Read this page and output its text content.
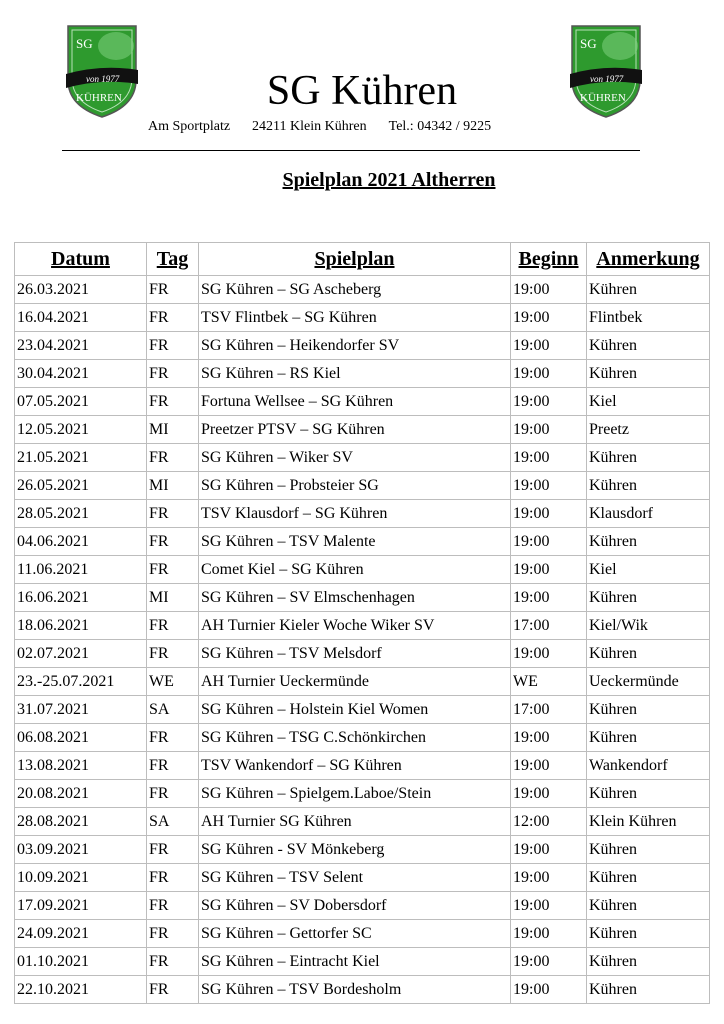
SG
von 1977
KÜHREN
SG
von 1977
KÜHREN
SG Kühren
Am Sportplatz 24211 Klein Kühren Tel.: 04342 / 9225
Spielplan 2021 Altherren
Datum	Tag	Spielplan	Beginn	Anmerkung
26.03.2021	FR	SG Kühren – SG Ascheberg	19:00	Kühren
16.04.2021	FR	TSV Flintbek – SG Kühren	19:00	Flintbek
23.04.2021	FR	SG Kühren – Heikendorfer SV	19:00	Kühren
30.04.2021	FR	SG Kühren – RS Kiel	19:00	Kühren
07.05.2021	FR	Fortuna Wellsee – SG Kühren	19:00	Kiel
12.05.2021	MI	Preetzer PTSV – SG Kühren	19:00	Preetz
21.05.2021	FR	SG Kühren – Wiker SV	19:00	Kühren
26.05.2021	MI	SG Kühren – Probsteier SG	19:00	Kühren
28.05.2021	FR	TSV Klausdorf – SG Kühren	19:00	Klausdorf
04.06.2021	FR	SG Kühren – TSV Malente	19:00	Kühren
11.06.2021	FR	Comet Kiel – SG Kühren	19:00	Kiel
16.06.2021	MI	SG Kühren – SV Elmschenhagen	19:00	Kühren
18.06.2021	FR	AH Turnier Kieler Woche Wiker SV	17:00	Kiel/Wik
02.07.2021	FR	SG Kühren – TSV Melsdorf	19:00	Kühren
23.-25.07.2021	WE	AH Turnier Ueckermünde	WE	Ueckermünde
31.07.2021	SA	SG Kühren – Holstein Kiel Women	17:00	Kühren
06.08.2021	FR	SG Kühren – TSG C.Schönkirchen	19:00	Kühren
13.08.2021	FR	TSV Wankendorf – SG Kühren	19:00	Wankendorf
20.08.2021	FR	SG Kühren – Spielgem.Laboe/Stein	19:00	Kühren
28.08.2021	SA	AH Turnier SG Kühren	12:00	Klein Kühren
03.09.2021	FR	SG Kühren - SV Mönkeberg	19:00	Kühren
10.09.2021	FR	SG Kühren – TSV Selent	19:00	Kühren
17.09.2021	FR	SG Kühren – SV Dobersdorf	19:00	Kühren
24.09.2021	FR	SG Kühren – Gettorfer SC	19:00	Kühren
01.10.2021	FR	SG Kühren – Eintracht Kiel	19:00	Kühren
22.10.2021	FR	SG Kühren – TSV Bordesholm	19:00	Kühren
